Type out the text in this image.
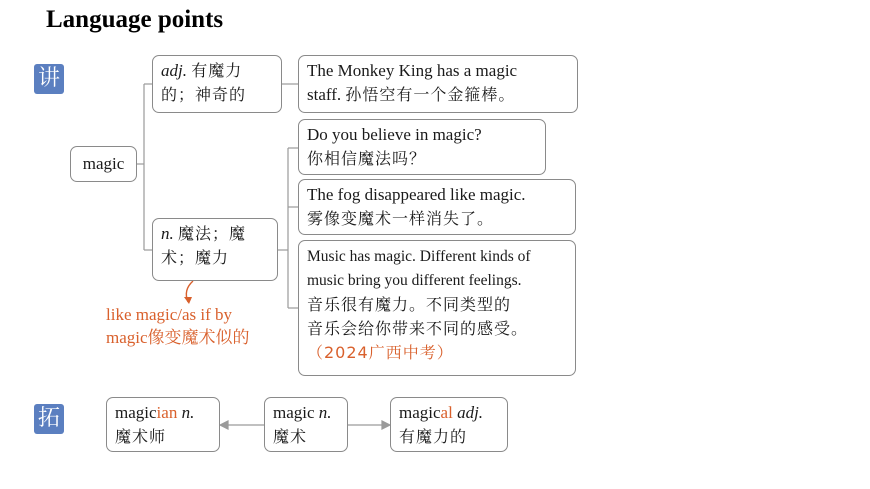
Language points
讲
拓
magic
adj. 有魔力
的；神奇的
The Monkey King has a magic
staff. 孙悟空有一个金箍棒。
n. 魔法；魔
术；魔力
Do you believe in magic?
你相信魔法吗？
The fog disappeared like magic.
雾像变魔术一样消失了。
Music has magic. Different kinds of
music bring you different feelings.
音乐很有魔力。不同类型的
音乐会给你带来不同的感受。
（2024广西中考）
like magic/as if by
magic像变魔术似的
magician n.
魔术师
magic n.
魔术
magical adj.
有魔力的
